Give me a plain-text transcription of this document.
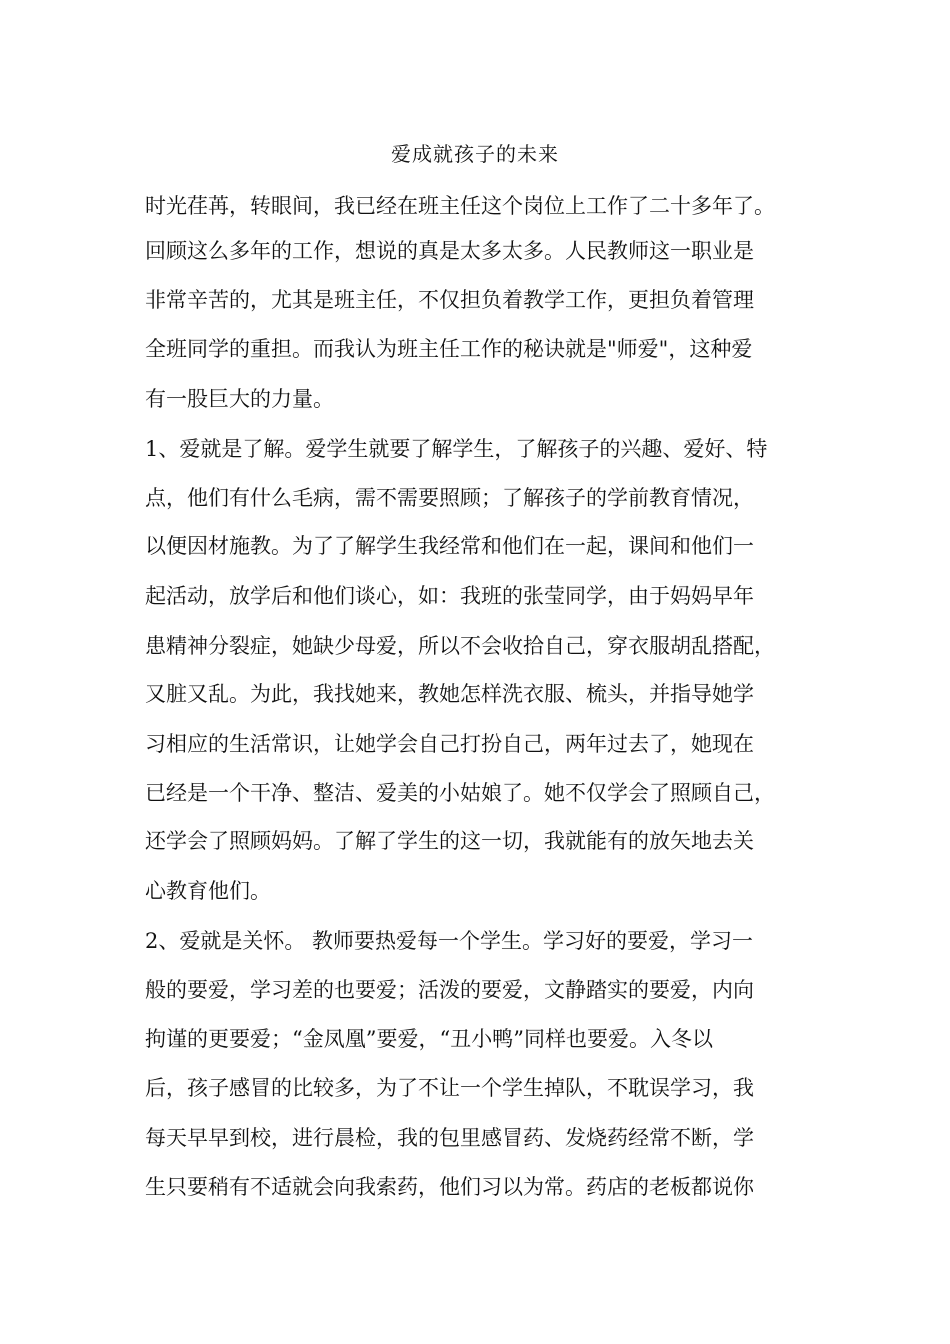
爱成就孩子的未来
时光荏苒，转眼间，我已经在班主任这个岗位上工作了二十多年了。
回顾这么多年的工作，想说的真是太多太多。人民教师这一职业是
非常辛苦的，尤其是班主任，不仅担负着教学工作，更担负着管理
全班同学的重担。而我认为班主任工作的秘诀就是"师爱"，这种爱
有一股巨大的力量。
1、爱就是了解。爱学生就要了解学生，了解孩子的兴趣、爱好、特
点，他们有什么毛病，需不需要照顾；了解孩子的学前教育情况，
以便因材施教。为了了解学生我经常和他们在一起，课间和他们一
起活动，放学后和他们谈心，如：我班的张莹同学，由于妈妈早年
患精神分裂症，她缺少母爱，所以不会收拾自己，穿衣服胡乱搭配，
又脏又乱。为此，我找她来，教她怎样洗衣服、梳头，并指导她学
习相应的生活常识，让她学会自己打扮自己，两年过去了，她现在
已经是一个干净、整洁、爱美的小姑娘了。她不仅学会了照顾自己，
还学会了照顾妈妈。了解了学生的这一切，我就能有的放矢地去关
心教育他们。
2、爱就是关怀。 教师要热爱每一个学生。学习好的要爱，学习一
般的要爱，学习差的也要爱；活泼的要爱，文静踏实的要爱，内向
拘谨的更要爱；“金凤凰”要爱，“丑小鸭”同样也要爱。入冬以
后，孩子感冒的比较多，为了不让一个学生掉队，不耽误学习，我
每天早早到校，进行晨检，我的包里感冒药、发烧药经常不断，学
生只要稍有不适就会向我索药，他们习以为常。药店的老板都说你
